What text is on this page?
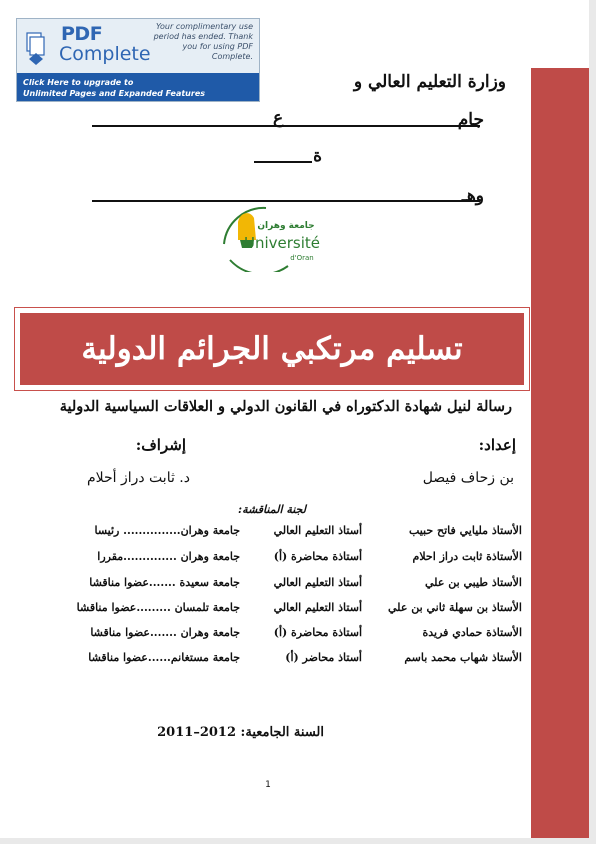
PDF
Complete
Your complimentary use period has ended. Thank you for using PDF Complete.
Click Here to upgrade to
Unlimited Pages and Expanded Features
وزارة التعليم العالي و
جام
ع
ة
وهـ
جامعة وهران
Université
d'Oran
تسليم مرتكبي الجرائم الدولية
رسالة لنيل شهادة الدكتوراه في القانون الدولي و العلاقات السياسية الدولية
إعداد:
إشراف:
بن زحاف فيصل
د. ثابت دراز أحلام
لجنة المناقشة:
الأستاذ مليايي فاتح حبيب
أستاذ التعليم العالي
جامعة وهران............... رئيسا
الأستاذة ثابت دراز احلام
أستاذة محاضرة (أ)
جامعة وهران ..............مقررا
الأستاذ طيبي بن علي
أستاذ التعليم العالي
جامعة سعيدة .......عضوا مناقشا
الأستاذ بن سهلة ثاني بن علي
أستاذ التعليم العالي
جامعة تلمسان .........عضوا مناقشا
الأستاذة حمادي فريدة
أستاذة محاضرة (أ)
جامعة وهران .......عضوا مناقشا
الأستاذ شهاب محمد باسم
أستاذ محاضر (أ)
جامعة مستغانم......عضوا مناقشا
السنة الجامعية: 2011–2012
1
